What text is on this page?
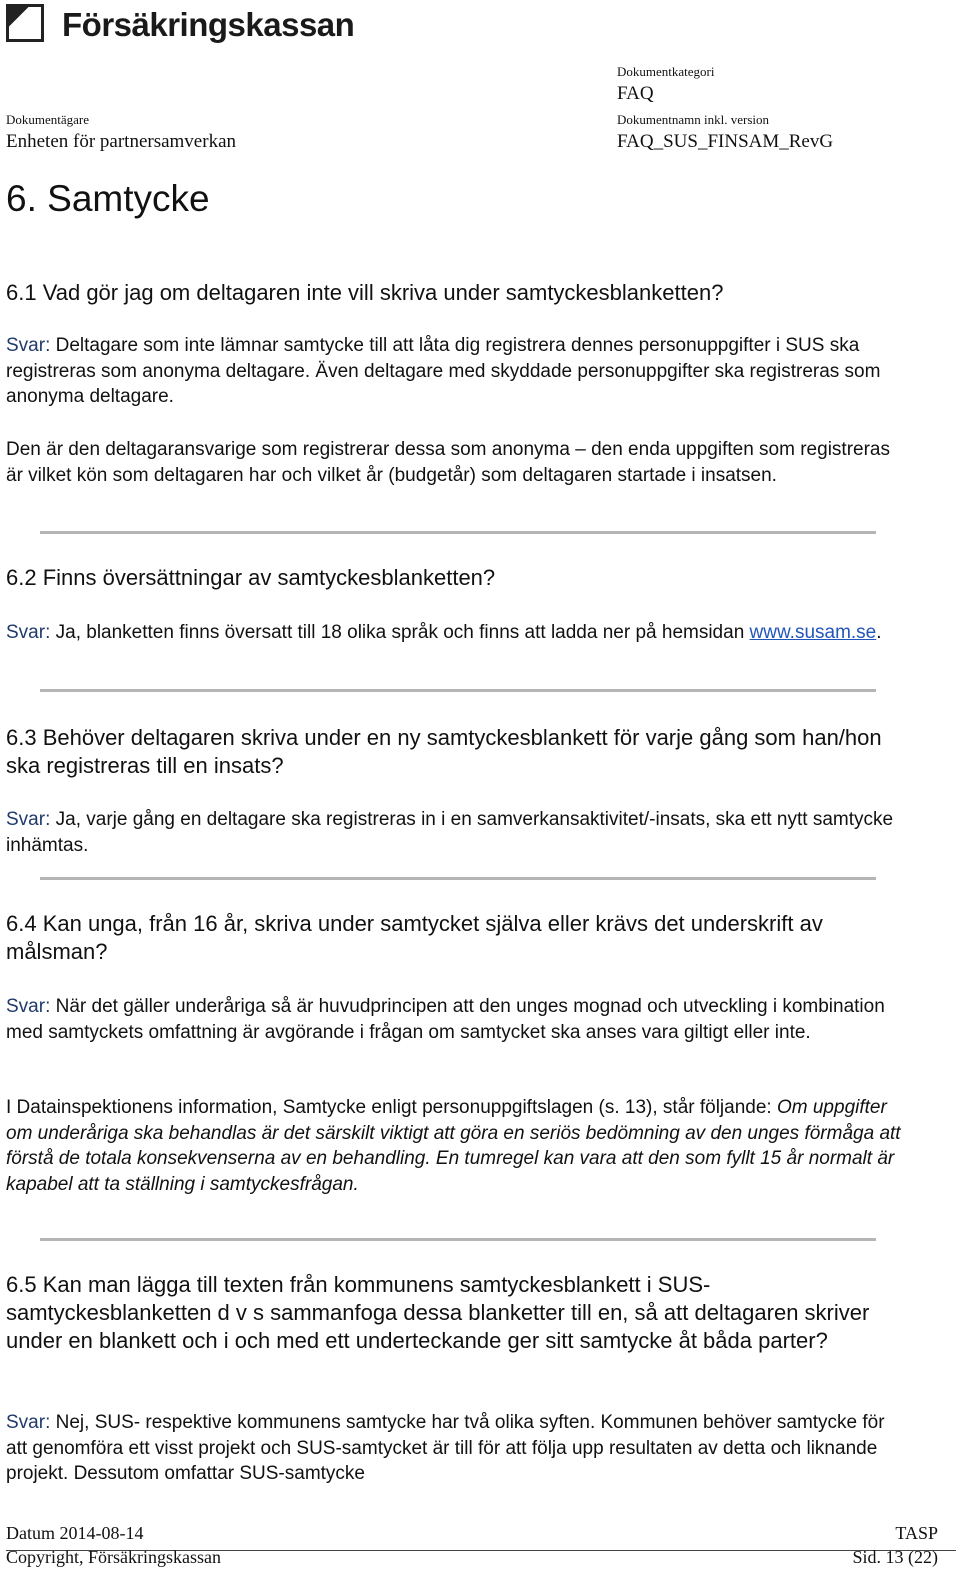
Försäkringskassan
Dokumentkategori
FAQ
Dokumentägare
Enheten för partnersamverkan
Dokumentnamn inkl. version
FAQ_SUS_FINSAM_RevG
6. Samtycke
6.1 Vad gör jag om deltagaren inte vill skriva under samtyckesblanketten?
Svar: Deltagare som inte lämnar samtycke till att låta dig registrera dennes personuppgifter i SUS ska registreras som anonyma deltagare. Även deltagare med skyddade personuppgifter ska registreras som anonyma deltagare.
Den är den deltagaransvarige som registrerar dessa som anonyma – den enda uppgiften som registreras är vilket kön som deltagaren har och vilket år (budgetår) som deltagaren startade i insatsen.
6.2 Finns översättningar av samtyckesblanketten?
Svar: Ja, blanketten finns översatt till 18 olika språk och finns att ladda ner på hemsidan www.susam.se.
6.3 Behöver deltagaren skriva under en ny samtyckesblankett för varje gång som han/hon ska registreras till en insats?
Svar: Ja, varje gång en deltagare ska registreras in i en samverkansaktivitet/-insats, ska ett nytt samtycke inhämtas.
6.4 Kan unga, från 16 år, skriva under samtycket själva eller krävs det underskrift av målsman?
Svar: När det gäller underåriga så är huvudprincipen att den unges mognad och utveckling i kombination med samtyckets omfattning är avgörande i frågan om samtycket ska anses vara giltigt eller inte.
I Datainspektionens information, Samtycke enligt personuppgiftslagen (s. 13), står följande: Om uppgifter om underåriga ska behandlas är det särskilt viktigt att göra en seriös bedömning av den unges förmåga att förstå de totala konsekvenserna av en behandling. En tumregel kan vara att den som fyllt 15 år normalt är kapabel att ta ställning i samtyckesfrågan.
6.5 Kan man lägga till texten från kommunens samtyckesblankett i SUS-samtyckesblanketten d v s sammanfoga dessa blanketter till en, så att deltagaren skriver under en blankett och i och med ett underteckande ger sitt samtycke åt båda parter?
Svar: Nej, SUS- respektive kommunens samtycke har två olika syften. Kommunen behöver samtycke för att genomföra ett visst projekt och SUS-samtycket är till för att följa upp resultaten av detta och liknande projekt. Dessutom omfattar SUS-samtycke
Datum 2014-08-14
Copyright, Försäkringskassan
TASP
Sid. 13 (22)
